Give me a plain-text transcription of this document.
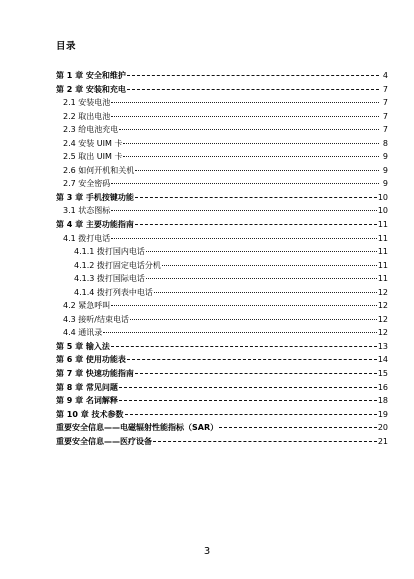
目录
第 1 章 安全和维护	4
第 2 章 安装和充电	7
2.1 安装电池	7
2.2 取出电池	7
2.3 给电池充电	7
2.4 安装 UIM 卡	8
2.5 取出 UIM 卡	9
2.6 如何开机和关机	9
2.7 安全密码	9
第 3 章 手机按键功能	10
3.1 状态图标	10
第 4 章 主要功能指南	11
4.1 拨打电话	11
4.1.1 拨打国内电话	11
4.1.2 拨打固定电话分机	11
4.1.3 拨打国际电话	11
4.1.4 拨打列表中电话	12
4.2 紧急呼叫	12
4.3 接听/结束电话	12
4.4 通讯录	12
第 5 章 输入法	13
第 6 章 使用功能表	14
第 7 章 快速功能指南	15
第 8 章 常见问题	16
第 9 章 名词解释	18
第 10 章 技术参数	19
重要安全信息——电磁辐射性能指标（SAR）	20
重要安全信息——医疗设备	21
3
